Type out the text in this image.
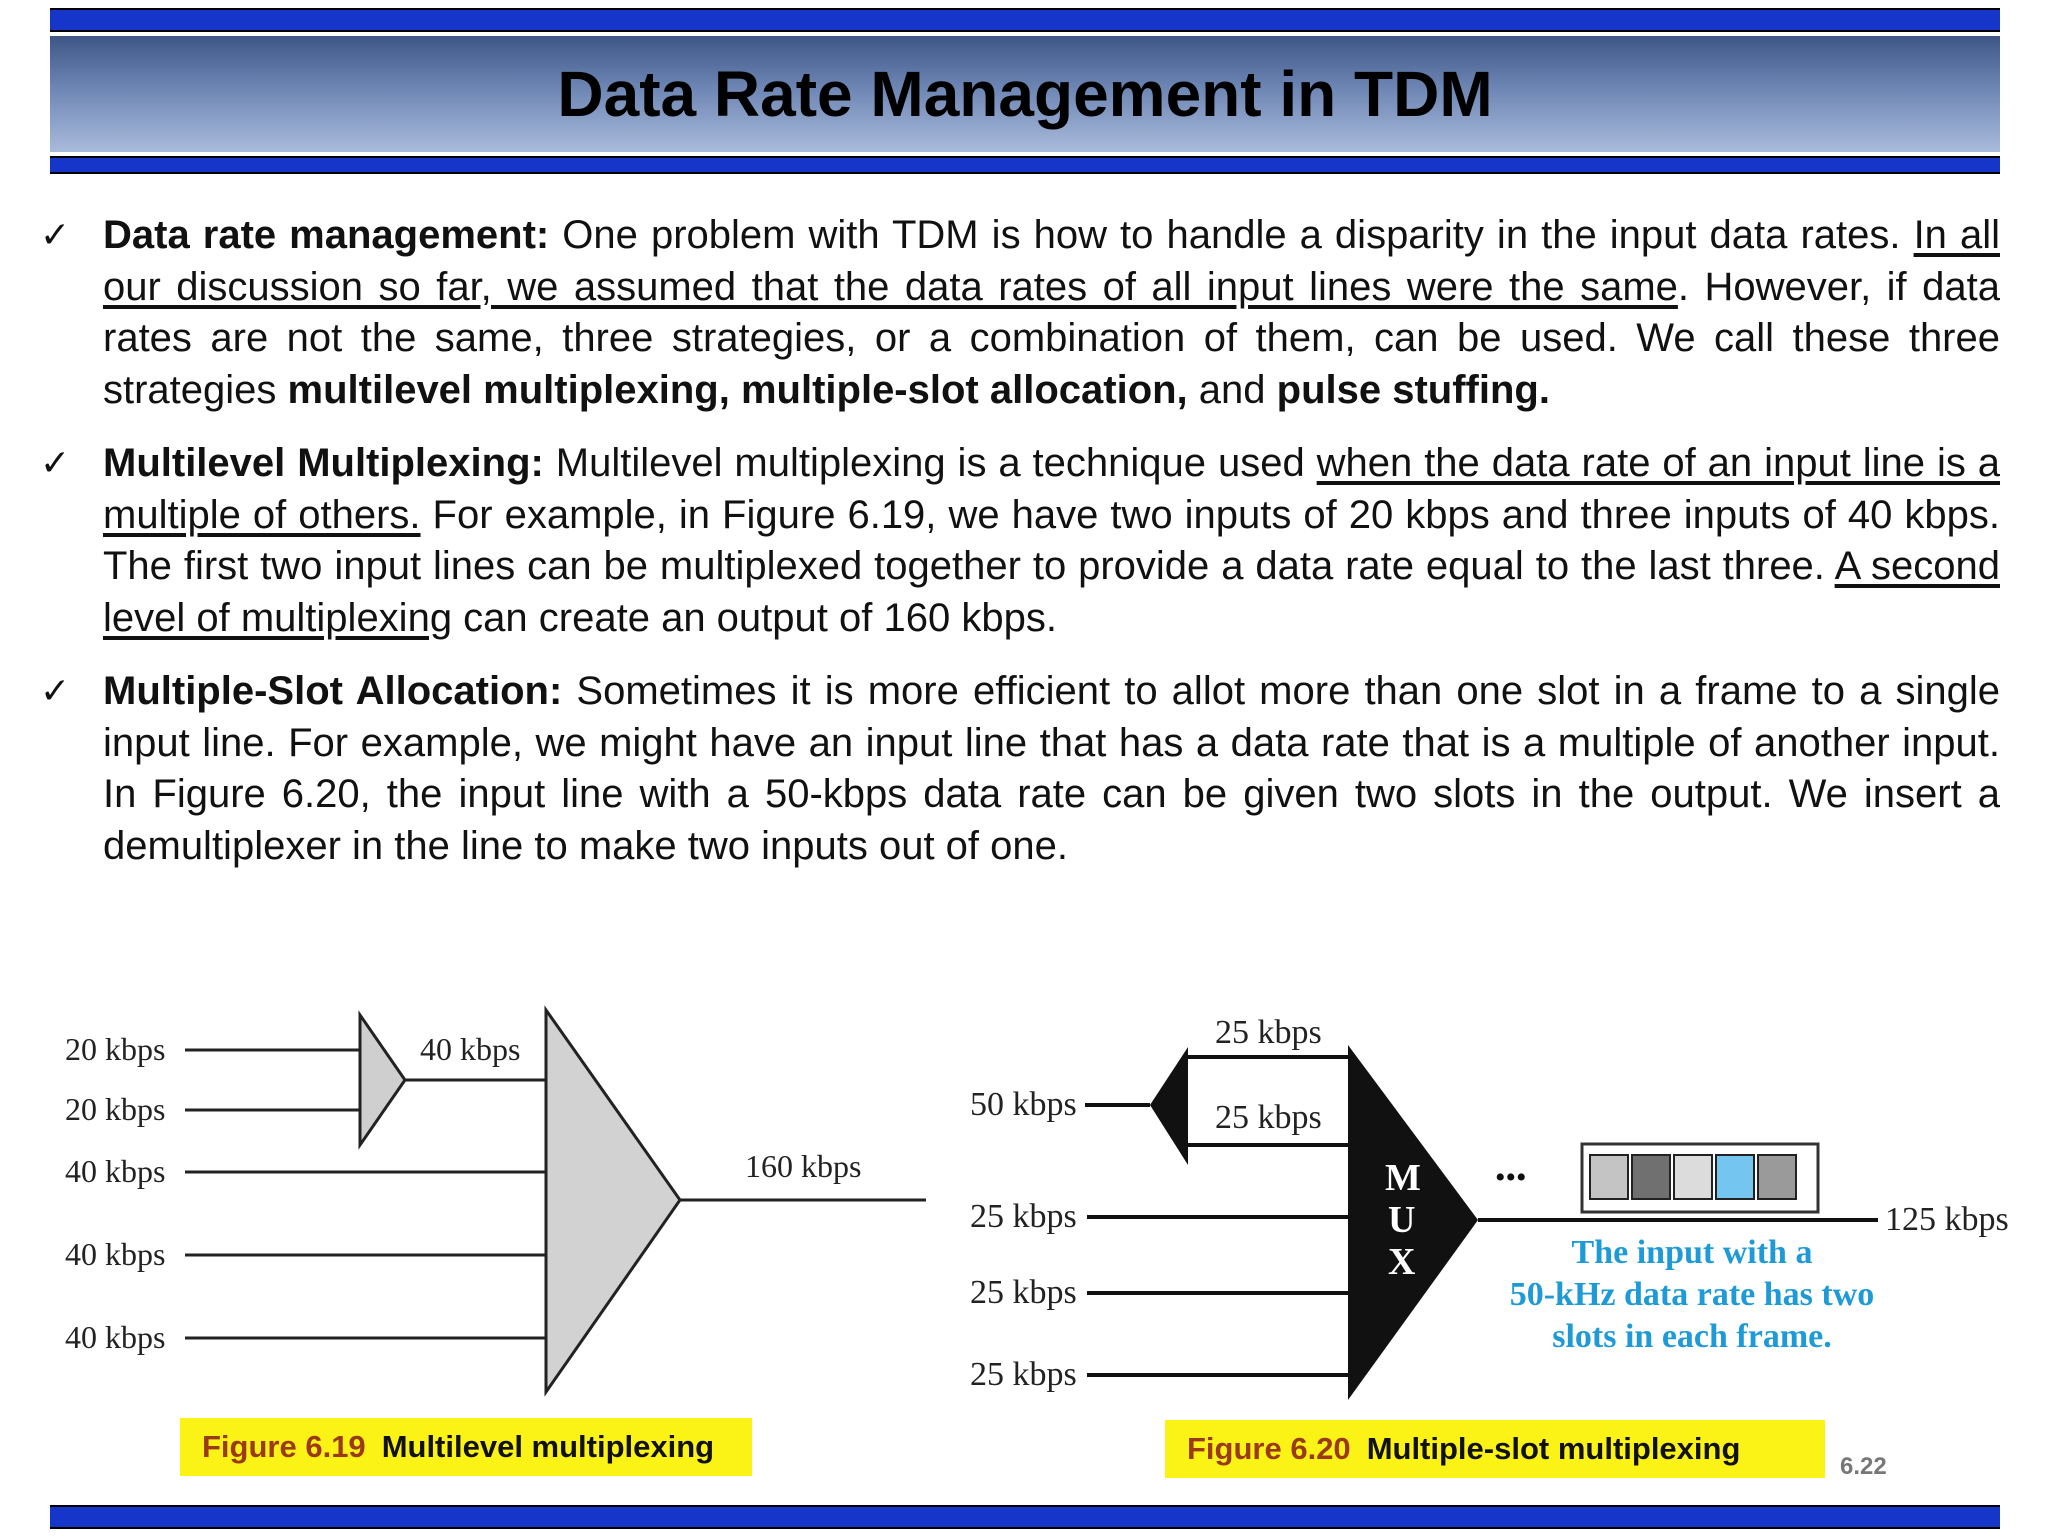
Data Rate Management in TDM
✓ Data rate management: One problem with TDM is how to handle a disparity in the input data rates. In all our discussion so far, we assumed that the data rates of all input lines were the same. However, if data rates are not the same, three strategies, or a combination of them, can be used. We call these three strategies multilevel multiplexing, multiple-slot allocation, and pulse stuffing.
✓ Multilevel Multiplexing: Multilevel multiplexing is a technique used when the data rate of an input line is a multiple of others. For example, in Figure 6.19, we have two inputs of 20 kbps and three inputs of 40 kbps. The first two input lines can be multiplexed together to provide a data rate equal to the last three. A second level of multiplexing can create an output of 160 kbps.
✓ Multiple-Slot Allocation: Sometimes it is more efficient to allot more than one slot in a frame to a single input line. For example, we might have an input line that has a data rate that is a multiple of another input. In Figure 6.20, the input line with a 50-kbps data rate can be given two slots in the output. We insert a demultiplexer in the line to make two inputs out of one.
20 kbps
20 kbps
40 kbps
40 kbps
40 kbps
40 kbps
160 kbps
Figure 6.19 Multilevel multiplexing
M
U
X
•••
50 kbps
25 kbps
25 kbps
25 kbps
25 kbps
25 kbps
125 kbps
The input with a
50-kHz data rate has two
slots in each frame.
Figure 6.20 Multiple-slot multiplexing
6.22
